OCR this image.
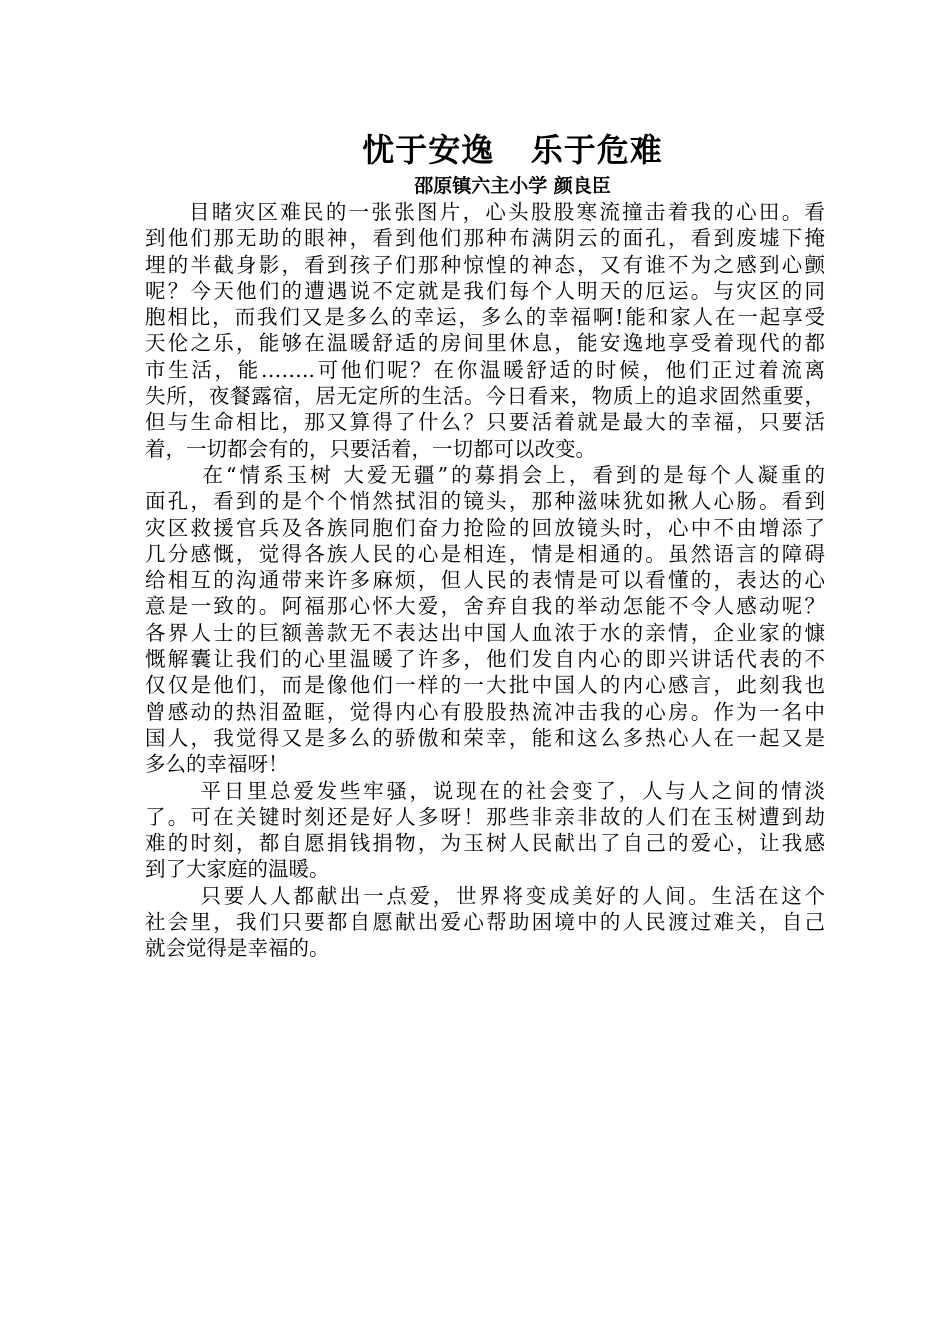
忧于安逸   乐于危难
邵原镇六主小学 颜良臣
目睹灾区难民的一张张图片，心头股股寒流撞击着我的心田。看
到他们那无助的眼神，看到他们那种布满阴云的面孔，看到废墟下掩
埋的半截身影，看到孩子们那种惊惶的神态，又有谁不为之感到心颤
呢？今天他们的遭遇说不定就是我们每个人明天的厄运。与灾区的同
胞相比，而我们又是多么的幸运，多么的幸福啊!能和家人在一起享受
天伦之乐，能够在温暖舒适的房间里休息，能安逸地享受着现代的都
市生活，能……..可他们呢？在你温暖舒适的时候，他们正过着流离
失所，夜餐露宿，居无定所的生活。今日看来，物质上的追求固然重要，
但与生命相比，那又算得了什么？只要活着就是最大的幸福，只要活
着，一切都会有的，只要活着，一切都可以改变。
在“情系玉树 大爱无疆”的募捐会上，看到的是每个人凝重的
面孔，看到的是个个悄然拭泪的镜头，那种滋味犹如揪人心肠。看到
灾区救援官兵及各族同胞们奋力抢险的回放镜头时，心中不由增添了
几分感慨，觉得各族人民的心是相连，情是相通的。虽然语言的障碍
给相互的沟通带来许多麻烦，但人民的表情是可以看懂的，表达的心
意是一致的。阿福那心怀大爱，舍弃自我的举动怎能不令人感动呢？
各界人士的巨额善款无不表达出中国人血浓于水的亲情，企业家的慷
慨解囊让我们的心里温暖了许多，他们发自内心的即兴讲话代表的不
仅仅是他们，而是像他们一样的一大批中国人的内心感言，此刻我也
曾感动的热泪盈眶，觉得内心有股股热流冲击我的心房。作为一名中
国人，我觉得又是多么的骄傲和荣幸，能和这么多热心人在一起又是
多么的幸福呀！
平日里总爱发些牢骚，说现在的社会变了，人与人之间的情淡
了。可在关键时刻还是好人多呀！那些非亲非故的人们在玉树遭到劫
难的时刻，都自愿捐钱捐物，为玉树人民献出了自己的爱心，让我感
到了大家庭的温暖。
只要人人都献出一点爱，世界将变成美好的人间。生活在这个
社会里，我们只要都自愿献出爱心帮助困境中的人民渡过难关，自己
就会觉得是幸福的。
